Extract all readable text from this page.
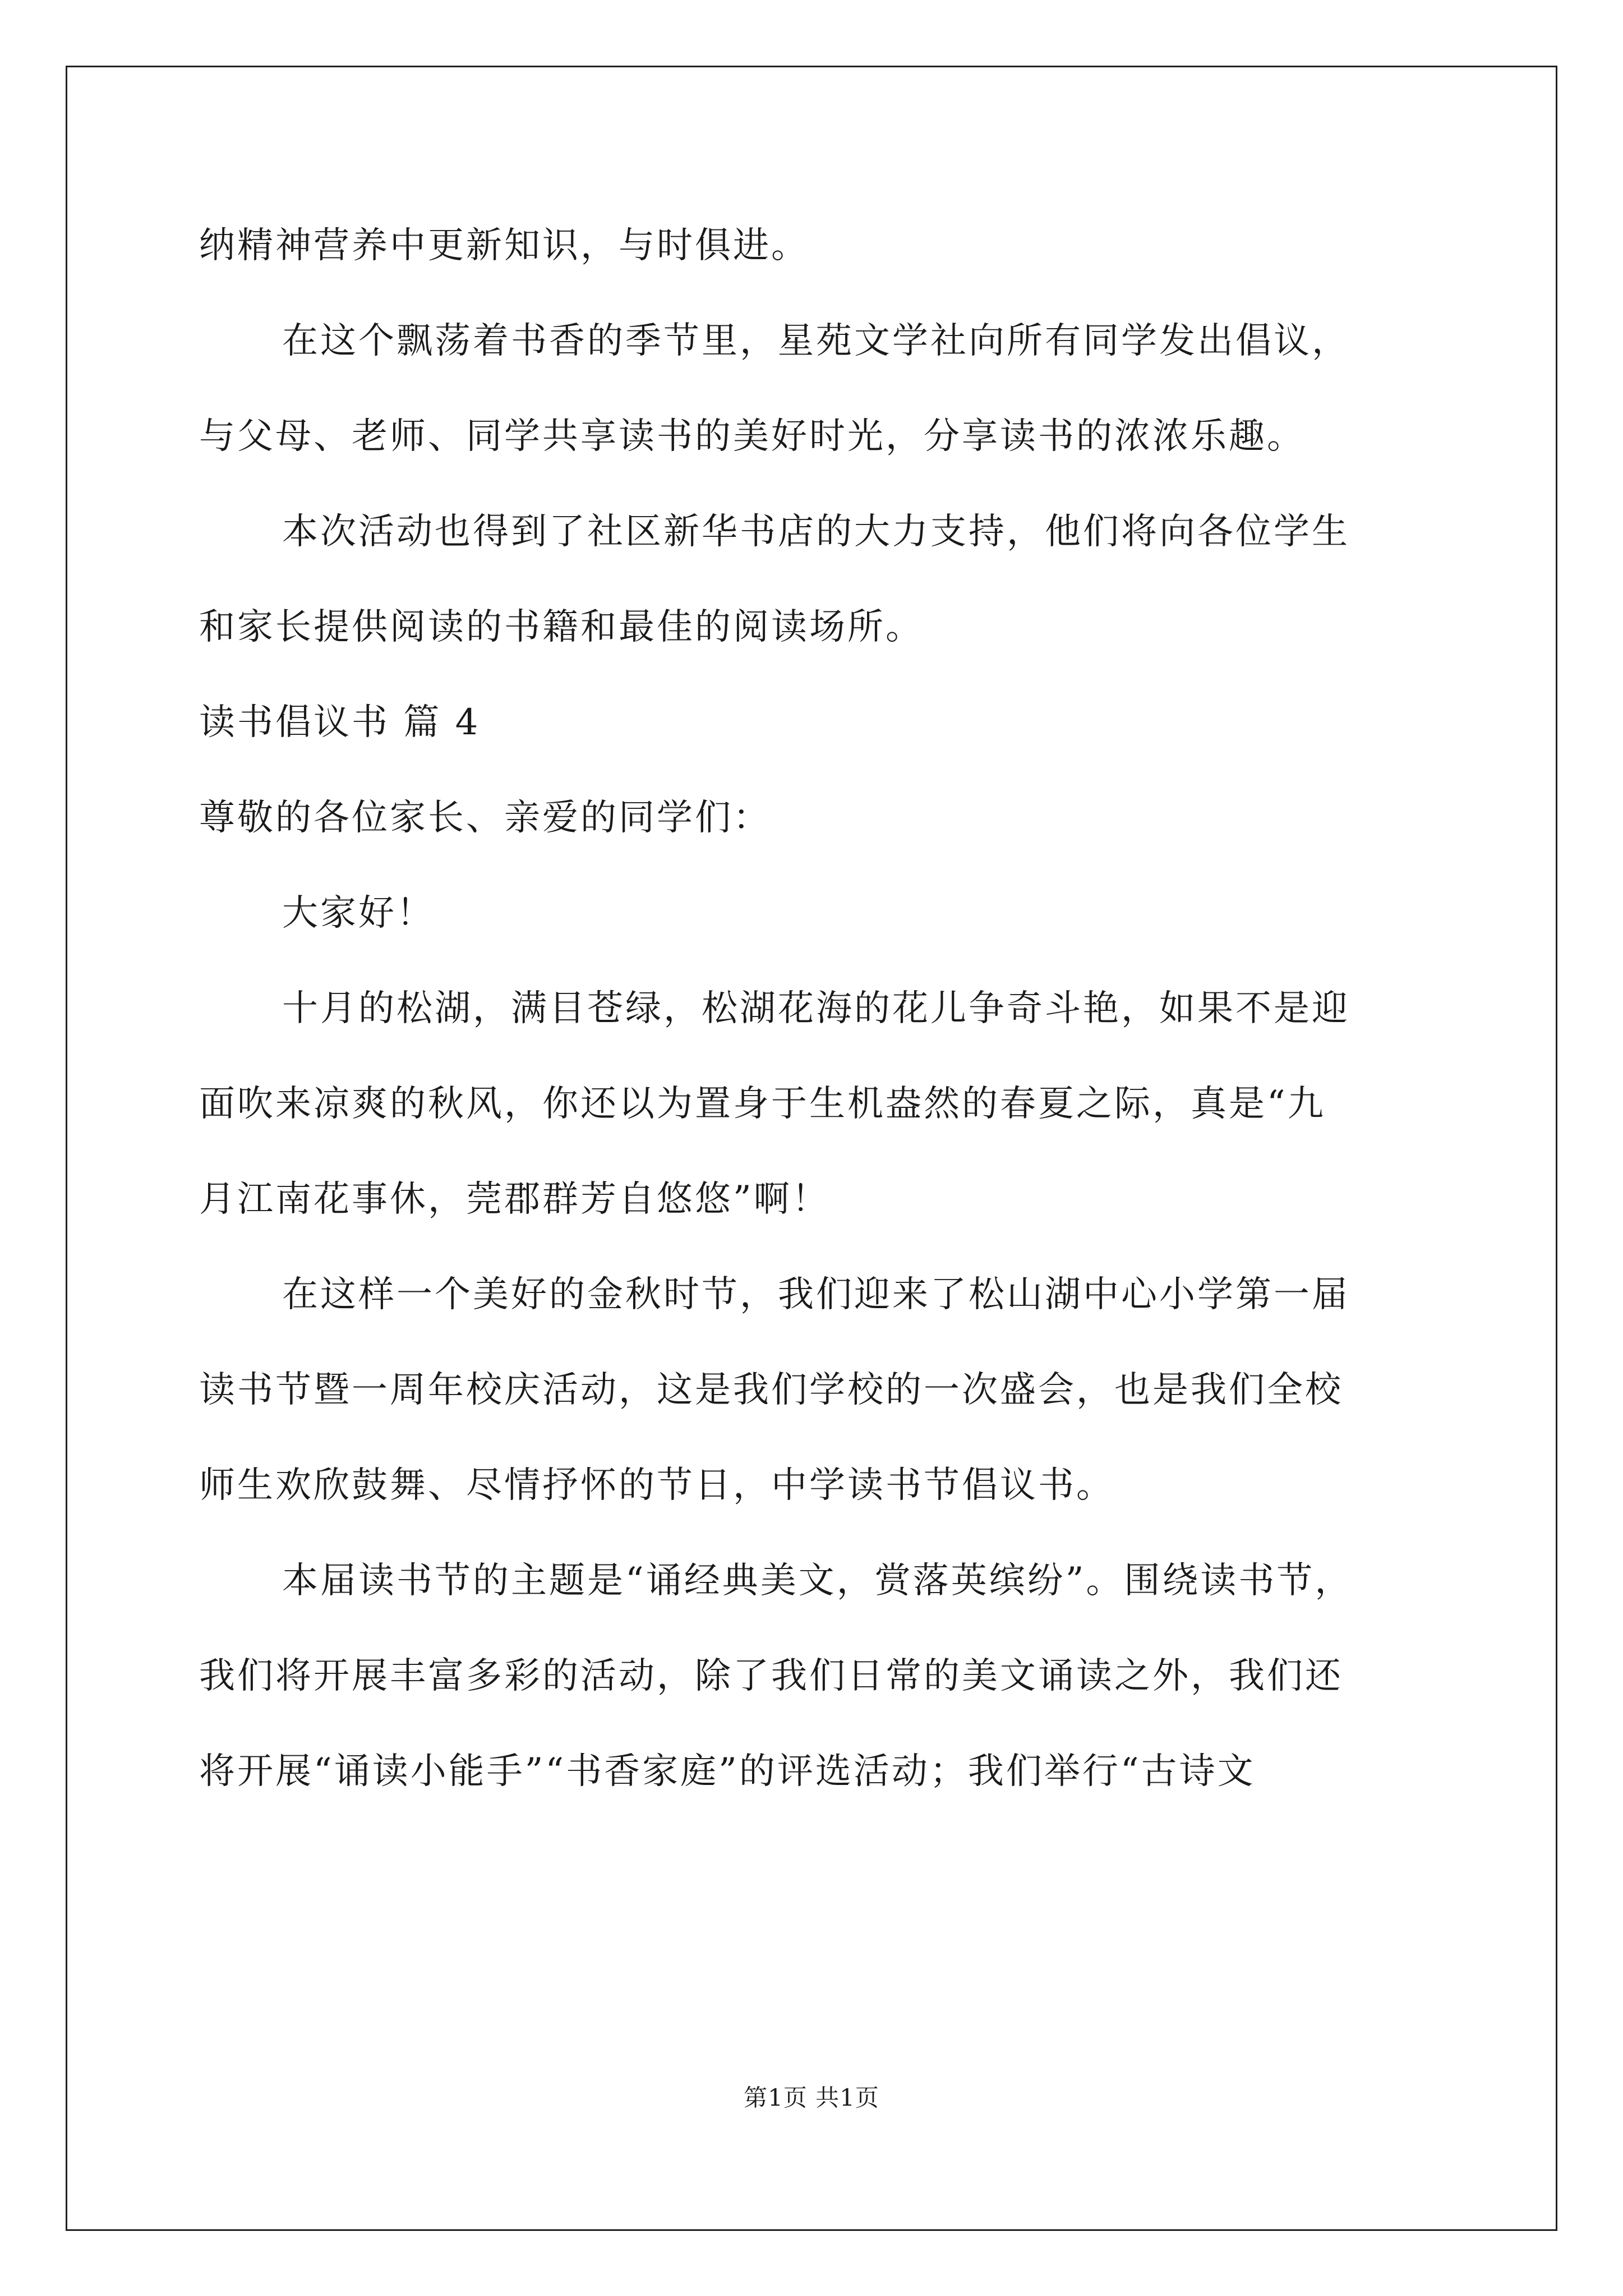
纳精神营养中更新知识，与时俱进。
在这个飘荡着书香的季节里，星苑文学社向所有同学发出倡议，
与父母、老师、同学共享读书的美好时光，分享读书的浓浓乐趣。
本次活动也得到了社区新华书店的大力支持，他们将向各位学生
和家长提供阅读的书籍和最佳的阅读场所。
读书倡议书 篇 4
尊敬的各位家长、亲爱的同学们：
大家好！
十月的松湖，满目苍绿，松湖花海的花儿争奇斗艳，如果不是迎
面吹来凉爽的秋风，你还以为置身于生机盎然的春夏之际，真是“九
月江南花事休，莞郡群芳自悠悠”啊！
在这样一个美好的金秋时节，我们迎来了松山湖中心小学第一届
读书节暨一周年校庆活动，这是我们学校的一次盛会，也是我们全校
师生欢欣鼓舞、尽情抒怀的节日，中学读书节倡议书。
本届读书节的主题是“诵经典美文，赏落英缤纷”。围绕读书节，
我们将开展丰富多彩的活动，除了我们日常的美文诵读之外，我们还
将开展“诵读小能手”“书香家庭”的评选活动；我们举行“古诗文
第1页 共1页
